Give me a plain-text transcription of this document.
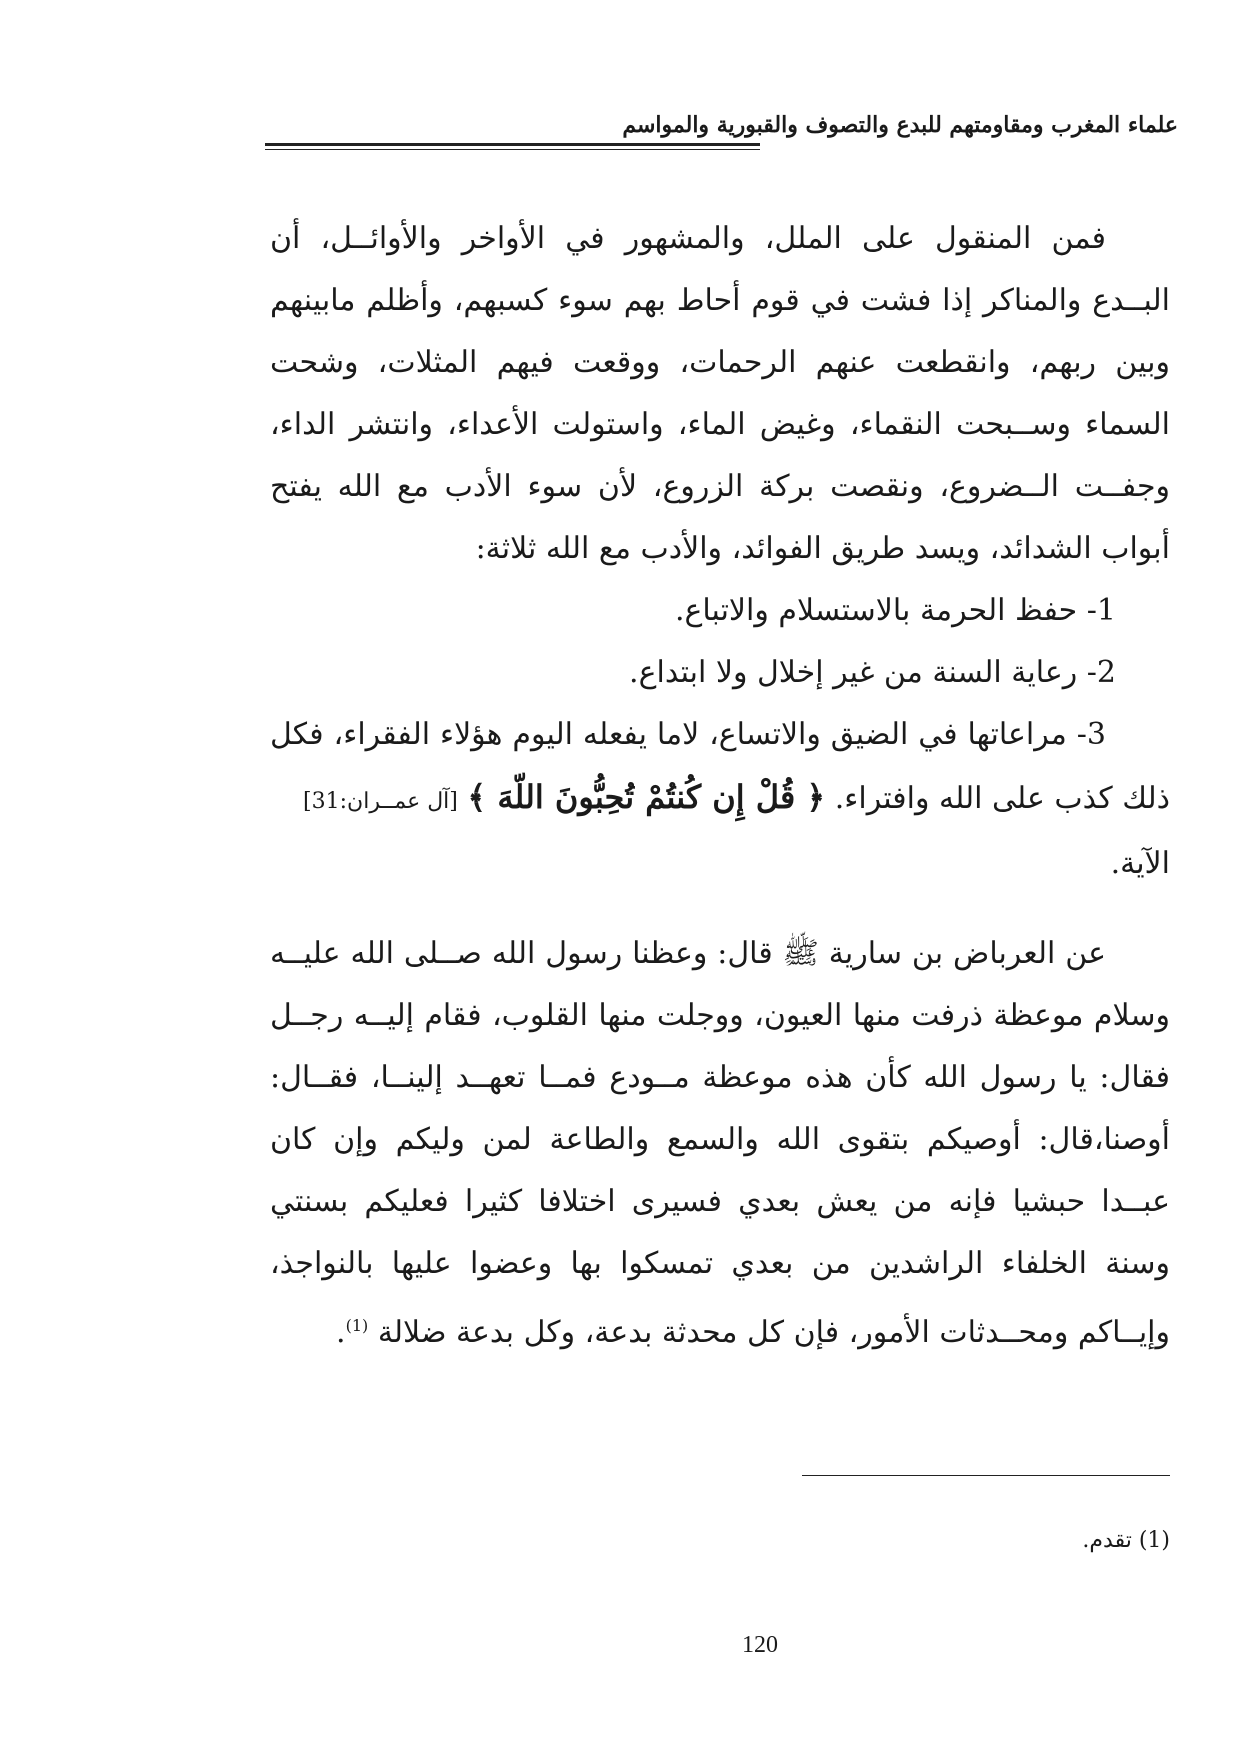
علماء المغرب ومقاومتهم للبدع والتصوف والقبورية والمواسم

فمن المنقول على الملل، والمشهور في الأواخر والأوائــل، أن البــدع والمناكر إذا فشت في قوم أحاط بهم سوء كسبهم، وأظلم مابينهم وبين ربهم، وانقطعت عنهم الرحمات، ووقعت فيهم المثلات، وشحت السماء وســبحت النقماء، وغيض الماء، واستولت الأعداء، وانتشر الداء، وجفــت الــضروع، ونقصت بركة الزروع، لأن سوء الأدب مع الله يفتح أبواب الشدائد، ويسد طريق الفوائد، والأدب مع الله ثلاثة:

1- حفظ الحرمة بالاستسلام والاتباع.

2- رعاية السنة من غير إخلال ولا ابتداع.

3- مراعاتها في الضيق والاتساع، لاما يفعله اليوم هؤلاء الفقراء، فكل ذلك كذب على الله وافتراء. ﴿ قُلْ إِن كُنتُمْ تُحِبُّونَ اللّهَ ﴾ [آل عمــران:31]

الآية.

عن العرباض بن سارية ﷺ قال: وعظنا رسول الله صــلى الله عليــه وسلام موعظة ذرفت منها العيون، ووجلت منها القلوب، فقام إليــه رجــل فقال: يا رسول الله كأن هذه موعظة مــودع فمــا تعهــد إلينــا، فقــال: أوصنا،قال: أوصيكم بتقوى الله والسمع والطاعة لمن وليكم وإن كان عبــدا حبشيا فإنه من يعش بعدي فسيرى اختلافا كثيرا فعليكم بسنتي وسنة الخلفاء الراشدين من بعدي تمسكوا بها وعضوا عليها بالنواجذ، وإيــاكم ومحــدثات الأمور، فإن كل محدثة بدعة، وكل بدعة ضلالة $^{(1)}$.

(1) تقدم.
120
